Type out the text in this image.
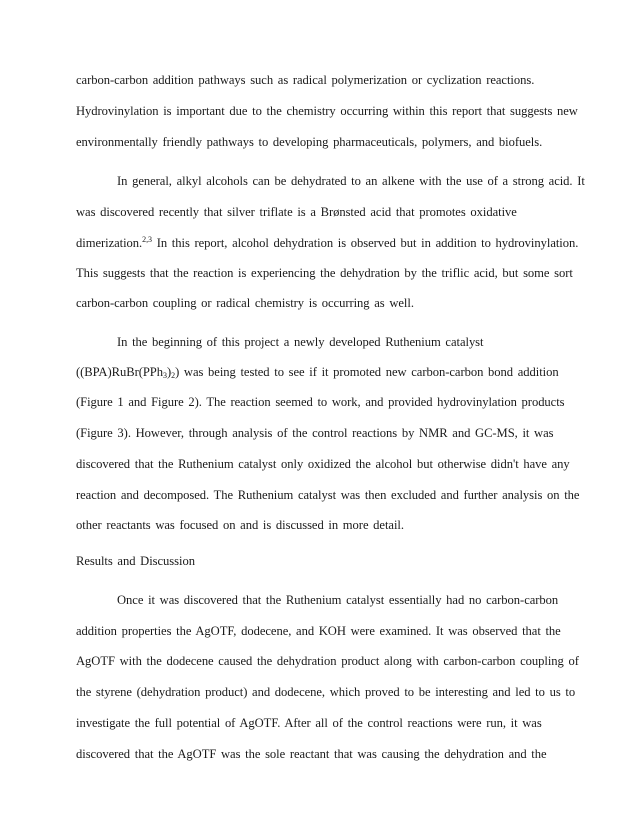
carbon-carbon addition pathways such as radical polymerization or cyclization reactions.
Hydrovinylation is important due to the chemistry occurring within this report that suggests new
environmentally friendly pathways to developing pharmaceuticals, polymers, and biofuels.
In general, alkyl alcohols can be dehydrated to an alkene with the use of a strong acid. It
was discovered recently that silver triflate is a Brønsted acid that promotes oxidative
dimerization.$^{2,3}$ In this report, alcohol dehydration is observed but in addition to hydrovinylation.
This suggests that the reaction is experiencing the dehydration by the triflic acid, but some sort
carbon-carbon coupling or radical chemistry is occurring as well.
In the beginning of this project a newly developed Ruthenium catalyst
$((BPA)RuBr(PPh_3)_2)$ was being tested to see if it promoted new carbon-carbon bond addition
(Figure 1 and Figure 2). The reaction seemed to work, and provided hydrovinylation products
(Figure 3). However, through analysis of the control reactions by NMR and GC-MS, it was
discovered that the Ruthenium catalyst only oxidized the alcohol but otherwise didn't have any
reaction and decomposed. The Ruthenium catalyst was then excluded and further analysis on the
other reactants was focused on and is discussed in more detail.
Results and Discussion
Once it was discovered that the Ruthenium catalyst essentially had no carbon-carbon
addition properties the AgOTF, dodecene, and KOH were examined. It was observed that the
AgOTF with the dodecene caused the dehydration product along with carbon-carbon coupling of
the styrene (dehydration product) and dodecene, which proved to be interesting and led to us to
investigate the full potential of AgOTF. After all of the control reactions were run, it was
discovered that the AgOTF was the sole reactant that was causing the dehydration and the
